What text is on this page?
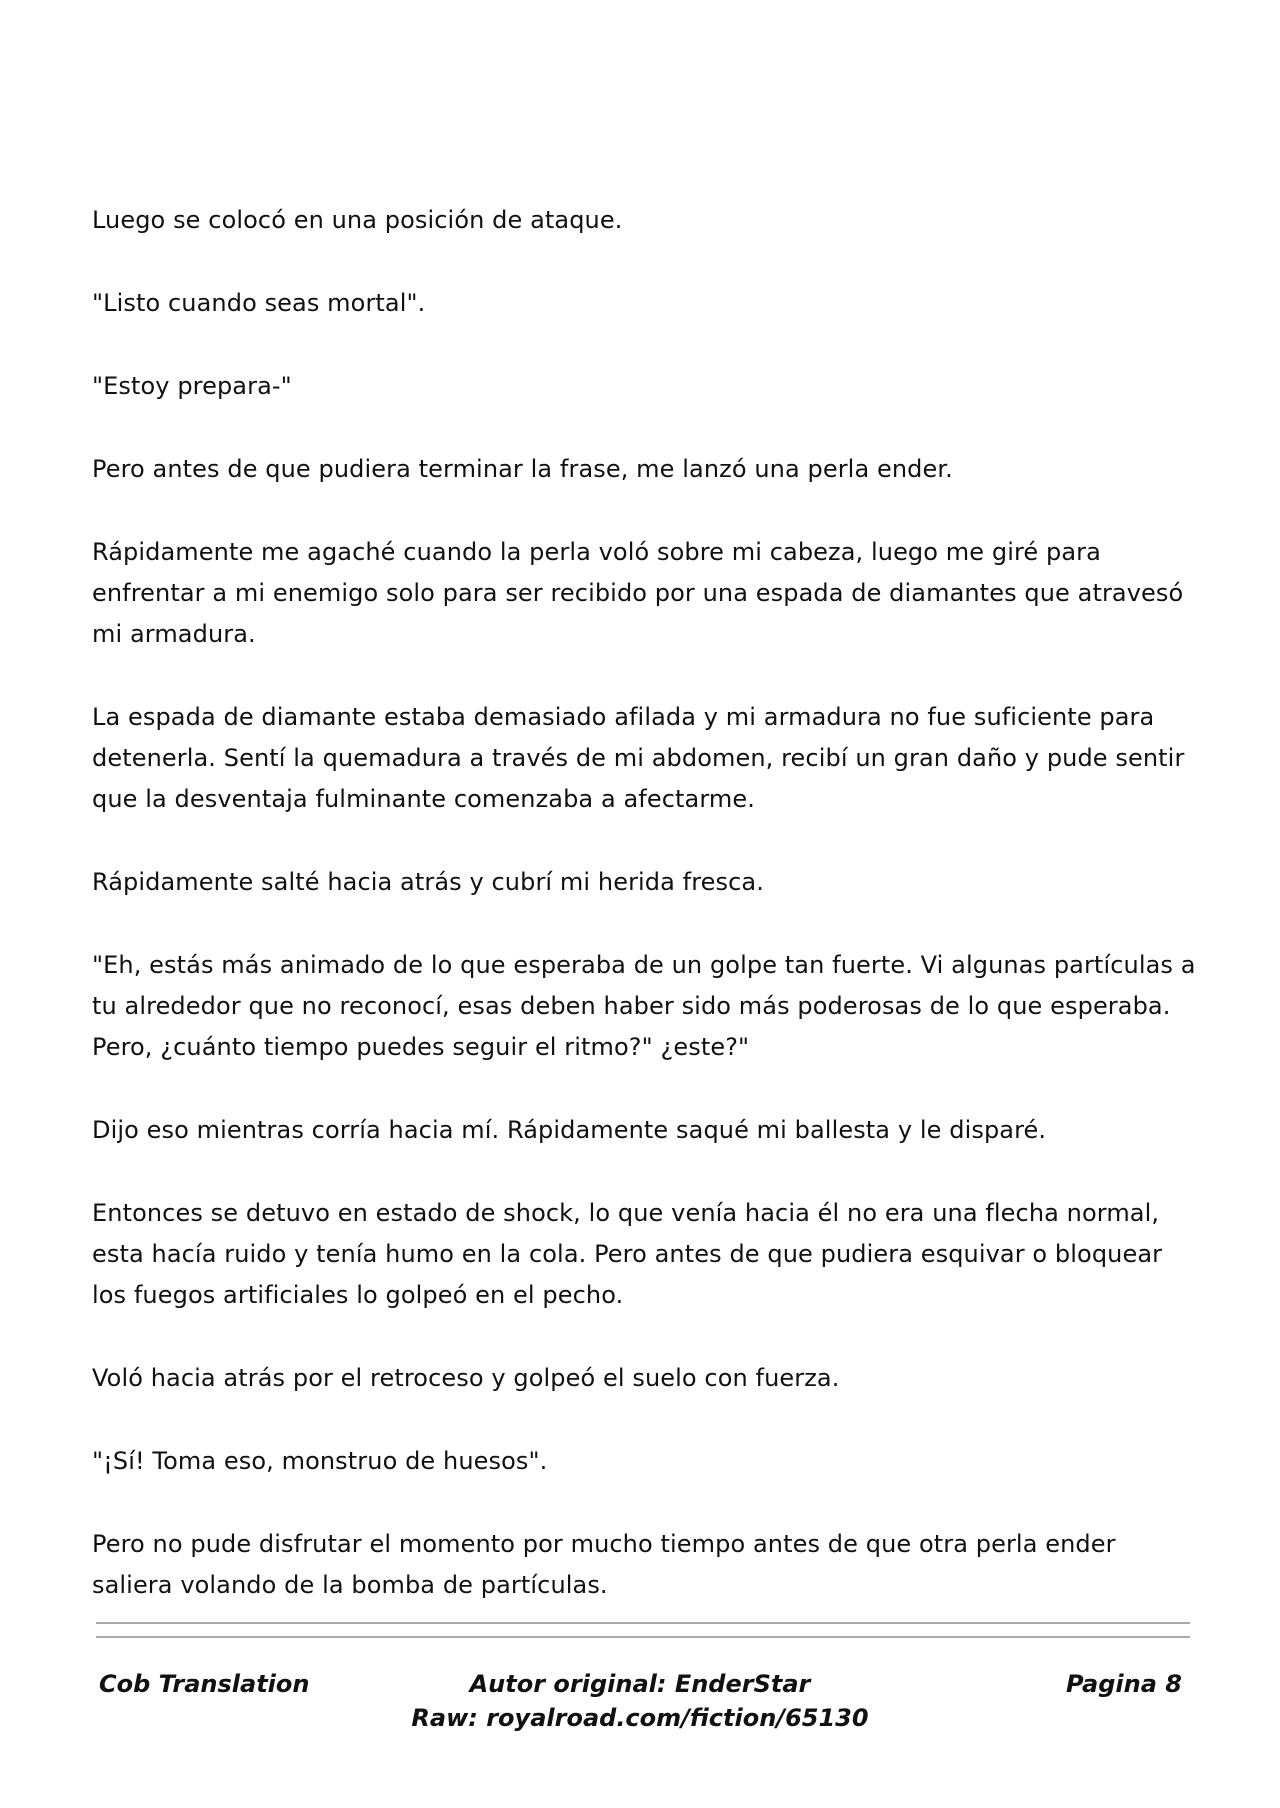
Luego se colocó en una posición de ataque.

"Listo cuando seas mortal".

"Estoy prepara-"

Pero antes de que pudiera terminar la frase, me lanzó una perla ender.

Rápidamente me agaché cuando la perla voló sobre mi cabeza, luego me giré para enfrentar a mi enemigo solo para ser recibido por una espada de diamantes que atravesó mi armadura.

La espada de diamante estaba demasiado afilada y mi armadura no fue suficiente para detenerla. Sentí la quemadura a través de mi abdomen, recibí un gran daño y pude sentir que la desventaja fulminante comenzaba a afectarme.

Rápidamente salté hacia atrás y cubrí mi herida fresca.

"Eh, estás más animado de lo que esperaba de un golpe tan fuerte. Vi algunas partículas a tu alrededor que no reconocí, esas deben haber sido más poderosas de lo que esperaba. Pero, ¿cuánto tiempo puedes seguir el ritmo?" ¿este?"

Dijo eso mientras corría hacia mí. Rápidamente saqué mi ballesta y le disparé.

Entonces se detuvo en estado de shock, lo que venía hacia él no era una flecha normal, esta hacía ruido y tenía humo en la cola. Pero antes de que pudiera esquivar o bloquear los fuegos artificiales lo golpeó en el pecho.

Voló hacia atrás por el retroceso y golpeó el suelo con fuerza.

"¡Sí! Toma eso, monstruo de huesos".

Pero no pude disfrutar el momento por mucho tiempo antes de que otra perla ender saliera volando de la bomba de partículas.

Cob Translation	Autor original: EnderStar
Raw: royalroad.com/fiction/65130
Pagina 8
